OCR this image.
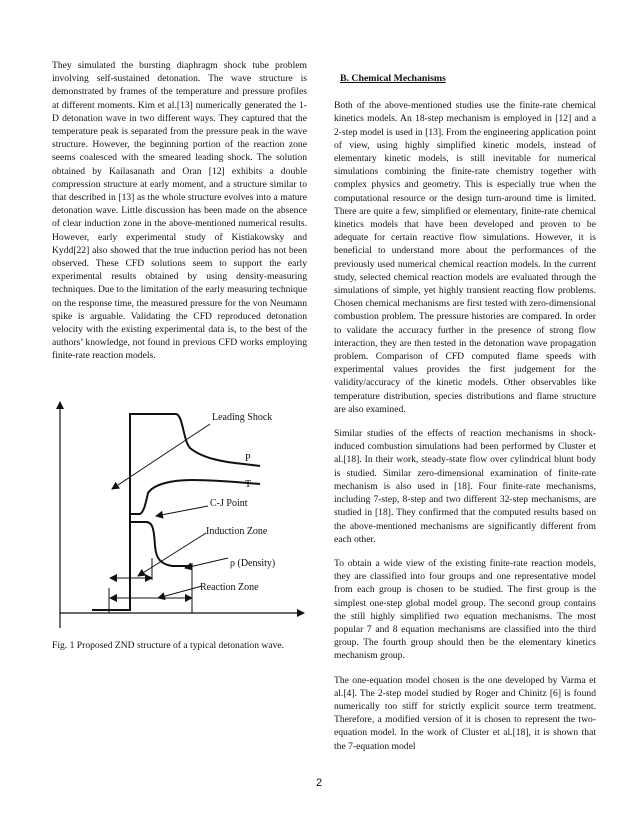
They simulated the bursting diaphragm shock tube problem involving self-sustained detonation. The wave structure is demonstrated by frames of the temperature and pressure profiles at different moments. Kim et al.[13] numerically generated the 1-D detonation wave in two different ways. They captured that the temperature peak is separated from the pressure peak in the wave structure. However, the beginning portion of the reaction zone seems coalesced with the smeared leading shock. The solution obtained by Kailasanath and Oran [12] exhibits a double compression structure at early moment, and a structure similar to that described in [13] as the whole structure evolves into a mature detonation wave. Little discussion has been made on the absence of clear induction zone in the above-mentioned numerical results. However, early experimental study of Kistiakowsky and Kydd[22] also showed that the true induction period has not been observed. These CFD solutions seem to support the early experimental results obtained by using density-measuring techniques. Due to the limitation of the early measuring technique on the response time, the measured pressure for the von Neumann spike is arguable. Validating the CFD reproduced detonation velocity with the existing experimental data is, to the best of the authors’ knowledge, not found in previous CFD works employing finite-rate reaction models.

Leading Shock
P
T
C-J Point
Induction Zone
ρ (Density)
Reaction Zone
Fig. 1 Proposed ZND structure of a typical detonation wave.
B. Chemical Mechanisms

Both of the above-mentioned studies use the finite-rate chemical kinetics models. An 18-step mechanism is employed in [12] and a 2-step model is used in [13]. From the engineering application point of view, using highly simplified kinetic models, instead of elementary kinetic models, is still inevitable for numerical simulations combining the finite-rate chemistry together with complex physics and geometry. This is especially true when the computational resource or the design turn-around time is limited. There are quite a few, simplified or elementary, finite-rate chemical kinetics models that have been developed and proven to be adequate for certain reactive flow simulations. However, it is beneficial to understand more about the performances of the previously used numerical chemical reaction models. In the current study, selected chemical reaction models are evaluated through the simulations of simple, yet highly transient reacting flow problems. Chosen chemical mechanisms are first tested with zero-dimensional combustion problem. The pressure histories are compared. In order to validate the accuracy further in the presence of strong flow interaction, they are then tested in the detonation wave propagation problem. Comparison of CFD computed flame speeds with experimental values provides the first judgement for the validity/accuracy of the kinetic models. Other observables like temperature distribution, species distributions and flame structure are also examined.

Similar studies of the effects of reaction mechanisms in shock-induced combustion simulations had been performed by Cluster et al.[18]. In their work, steady-state flow over cylindrical blunt body is studied. Similar zero-dimensional examination of finite-rate mechanism is also used in [18]. Four finite-rate mechanisms, including 7-step, 8-step and two different 32-step mechanisms, are studied in [18]. They confirmed that the computed results based on the above-mentioned mechanisms are significantly different from each other.

To obtain a wide view of the existing finite-rate reaction models, they are classified into four groups and one representative model from each group is chosen to be studied. The first group is the simplest one-step global model group. The second group contains the still highly simplified two equation mechanisms. The most popular 7 and 8 equation mechanisms are classified into the third group. The fourth group should then be the elementary kinetics mechanism group.

The one-equation model chosen is the one developed by Varma et al.[4]. The 2-step model studied by Roger and Chinitz [6] is found numerically too stiff for strictly explicit source term treatment. Therefore, a modified version of it is chosen to represent the two-equation model. In the work of Cluster et al.[18], it is shown that the 7-equation model

2
